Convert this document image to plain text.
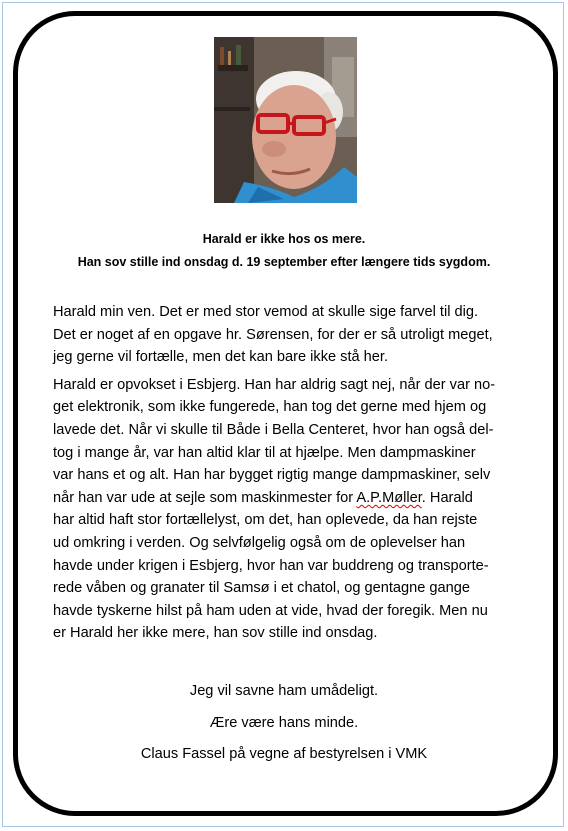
Harald er ikke hos os mere.
Han sov stille ind onsdag d. 19 september efter længere tids sygdom.

Harald min ven. Det er med stor vemod at skulle sige farvel til dig.
Det er noget af en opgave hr. Sørensen, for der er så utroligt meget,
jeg gerne vil fortælle, men det kan bare ikke stå her.

Harald er opvokset i Esbjerg. Han har aldrig sagt nej, når der var no-
get elektronik, som ikke fungerede, han tog det gerne med hjem og
lavede det. Når vi skulle til Både i Bella Centeret, hvor han også del-
tog i mange år, var han altid klar til at hjælpe. Men dampmaskiner
var hans et og alt. Han har bygget rigtig mange dampmaskiner, selv
når han var ude at sejle som maskinmester for A.P.Møller. Harald
har altid haft stor fortællelyst, om det, han oplevede, da han rejste
ud omkring i verden. Og selvfølgelig også om de oplevelser han
havde under krigen i Esbjerg, hvor han var buddreng og transporte-
rede våben og granater til Samsø i et chatol, og gentagne gange
havde tyskerne hilst på ham uden at vide, hvad der foregik. Men nu
er Harald her ikke mere, han sov stille ind onsdag.

Jeg vil savne ham umådeligt.
Ære være hans minde.
Claus Fassel på vegne af bestyrelsen i VMK
